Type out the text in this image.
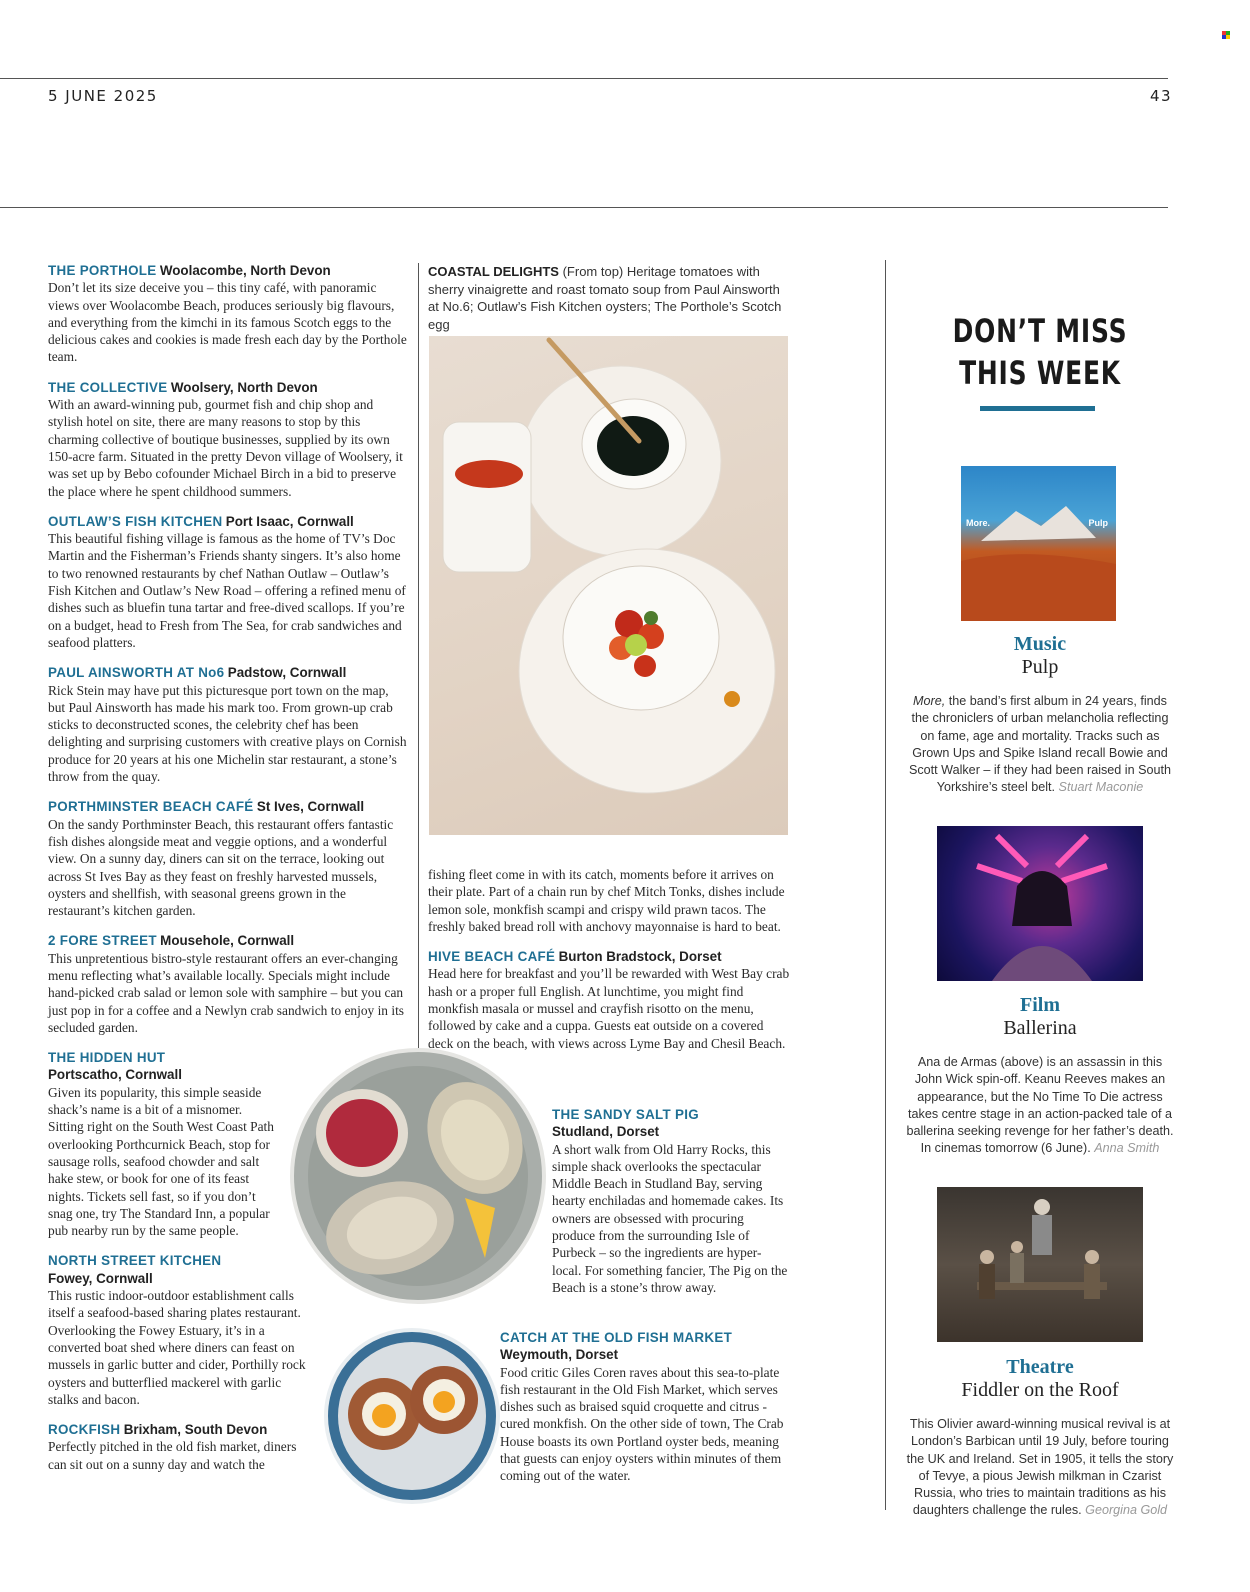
5 JUNE 2025	43

THE PORTHOLE Woolacombe, North Devon
Don’t let its size deceive you – this tiny café, with panoramic views over Woolacombe Beach, produces seriously big flavours, and everything from the kimchi in its famous Scotch eggs to the delicious cakes and cookies is made fresh each day by the Porthole team.

THE COLLECTIVE Woolsery, North Devon
With an award-winning pub, gourmet fish and chip shop and stylish hotel on site, there are many reasons to stop by this charming collective of boutique businesses, supplied by its own 150-acre farm. Situated in the pretty Devon village of Woolsery, it was set up by Bebo cofounder Michael Birch in a bid to preserve the place where he spent childhood summers.

OUTLAW’S FISH KITCHEN Port Isaac, Cornwall
This beautiful fishing village is famous as the home of TV’s Doc Martin and the Fisherman’s Friends shanty singers. It’s also home to two renowned restaurants by chef Nathan Outlaw – Outlaw’s Fish Kitchen and Outlaw’s New Road – offering a refined menu of dishes such as bluefin tuna tartar and free-dived scallops. If you’re on a budget, head to Fresh from The Sea, for crab sandwiches and seafood platters.

PAUL AINSWORTH AT No6 Padstow, Cornwall
Rick Stein may have put this picturesque port town on the map, but Paul Ainsworth has made his mark too. From grown-up crab sticks to deconstructed scones, the celebrity chef has been delighting and surprising customers with creative plays on Cornish produce for 20 years at his one Michelin star restaurant, a stone’s throw from the quay.

PORTHMINSTER BEACH CAFÉ St Ives, Cornwall
On the sandy Porthminster Beach, this restaurant offers fantastic fish dishes alongside meat and veggie options, and a wonderful view. On a sunny day, diners can sit on the terrace, looking out across St Ives Bay as they feast on freshly harvested mussels, oysters and shellfish, with seasonal greens grown in the restaurant’s kitchen garden.

2 FORE STREET Mousehole, Cornwall
This unpretentious bistro-style restaurant offers an ever-changing menu reflecting what’s available locally. Specials might include hand-picked crab salad or lemon sole with samphire – but you can just pop in for a coffee and a Newlyn crab sandwich to enjoy in its secluded garden.

THE HIDDEN HUT
Portscatho, Cornwall
Given its popularity, this simple seaside shack’s name is a bit of a misnomer. Sitting right on the South West Coast Path overlooking Porthcurnick Beach, stop for sausage rolls, seafood chowder and salt hake stew, or book for one of its feast nights. Tickets sell fast, so if you don’t snag one, try The Standard Inn, a popular pub nearby run by the same people.

NORTH STREET KITCHEN
Fowey, Cornwall
This rustic indoor-outdoor establishment calls itself a seafood-based sharing plates restaurant. Overlooking the Fowey Estuary, it’s in a converted boat shed where diners can feast on mussels in garlic butter and cider, Porthilly rock oysters and butterflied mackerel with garlic stalks and bacon.

ROCKFISH Brixham, South Devon
Perfectly pitched in the old fish market, diners can sit out on a sunny day and watch the

COASTAL DELIGHTS (From top) Heritage tomatoes with sherry vinaigrette and roast tomato soup from Paul Ainsworth at No.6; Outlaw’s Fish Kitchen oysters; The Porthole’s Scotch egg

fishing fleet come in with its catch, moments before it arrives on their plate. Part of a chain run by chef Mitch Tonks, dishes include lemon sole, monkfish scampi and crispy wild prawn tacos. The freshly baked bread roll with anchovy mayonnaise is hard to beat.

HIVE BEACH CAFÉ Burton Bradstock, Dorset
Head here for breakfast and you’ll be rewarded with West Bay crab hash or a proper full English. At lunchtime, you might find monkfish masala or mussel and crayfish risotto on the menu, followed by cake and a cuppa. Guests eat outside on a covered deck on the beach, with views across Lyme Bay and Chesil Beach.

THE SANDY SALT PIG
Studland, Dorset
A short walk from Old Harry Rocks, this simple shack overlooks the spectacular Middle Beach in Studland Bay, serving hearty enchiladas and homemade cakes. Its owners are obsessed with procuring produce from the surrounding Isle of Purbeck – so the ingredients are hyper-local. For something fancier, The Pig on the Beach is a stone’s throw away.

CATCH AT THE OLD FISH MARKET
Weymouth, Dorset
Food critic Giles Coren raves about this sea-to-plate fish restaurant in the Old Fish Market, which serves dishes such as braised squid croquette and citrus -cured monkfish. On the other side of town, The Crab House boasts its own Portland oyster beds, meaning that guests can enjoy oysters within minutes of them coming out of the water.

DON’T MISS
THIS WEEK
More.	Pulp
Music
Pulp
More, the band’s first album in 24 years, finds the chroniclers of urban melancholia reflecting on fame, age and mortality. Tracks such as Grown Ups and Spike Island recall Bowie and Scott Walker – if they had been raised in South Yorkshire’s steel belt. Stuart Maconie
Film
Ballerina
Ana de Armas (above) is an assassin in this John Wick spin-off. Keanu Reeves makes an appearance, but the No Time To Die actress takes centre stage in an action-packed tale of a ballerina seeking revenge for her father’s death. In cinemas tomorrow (6 June). Anna Smith
Theatre
Fiddler on the Roof
This Olivier award-winning musical revival is at London’s Barbican until 19 July, before touring the UK and Ireland. Set in 1905, it tells the story of Tevye, a pious Jewish milkman in Czarist Russia, who tries to maintain traditions as his daughters challenge the rules. Georgina Gold
